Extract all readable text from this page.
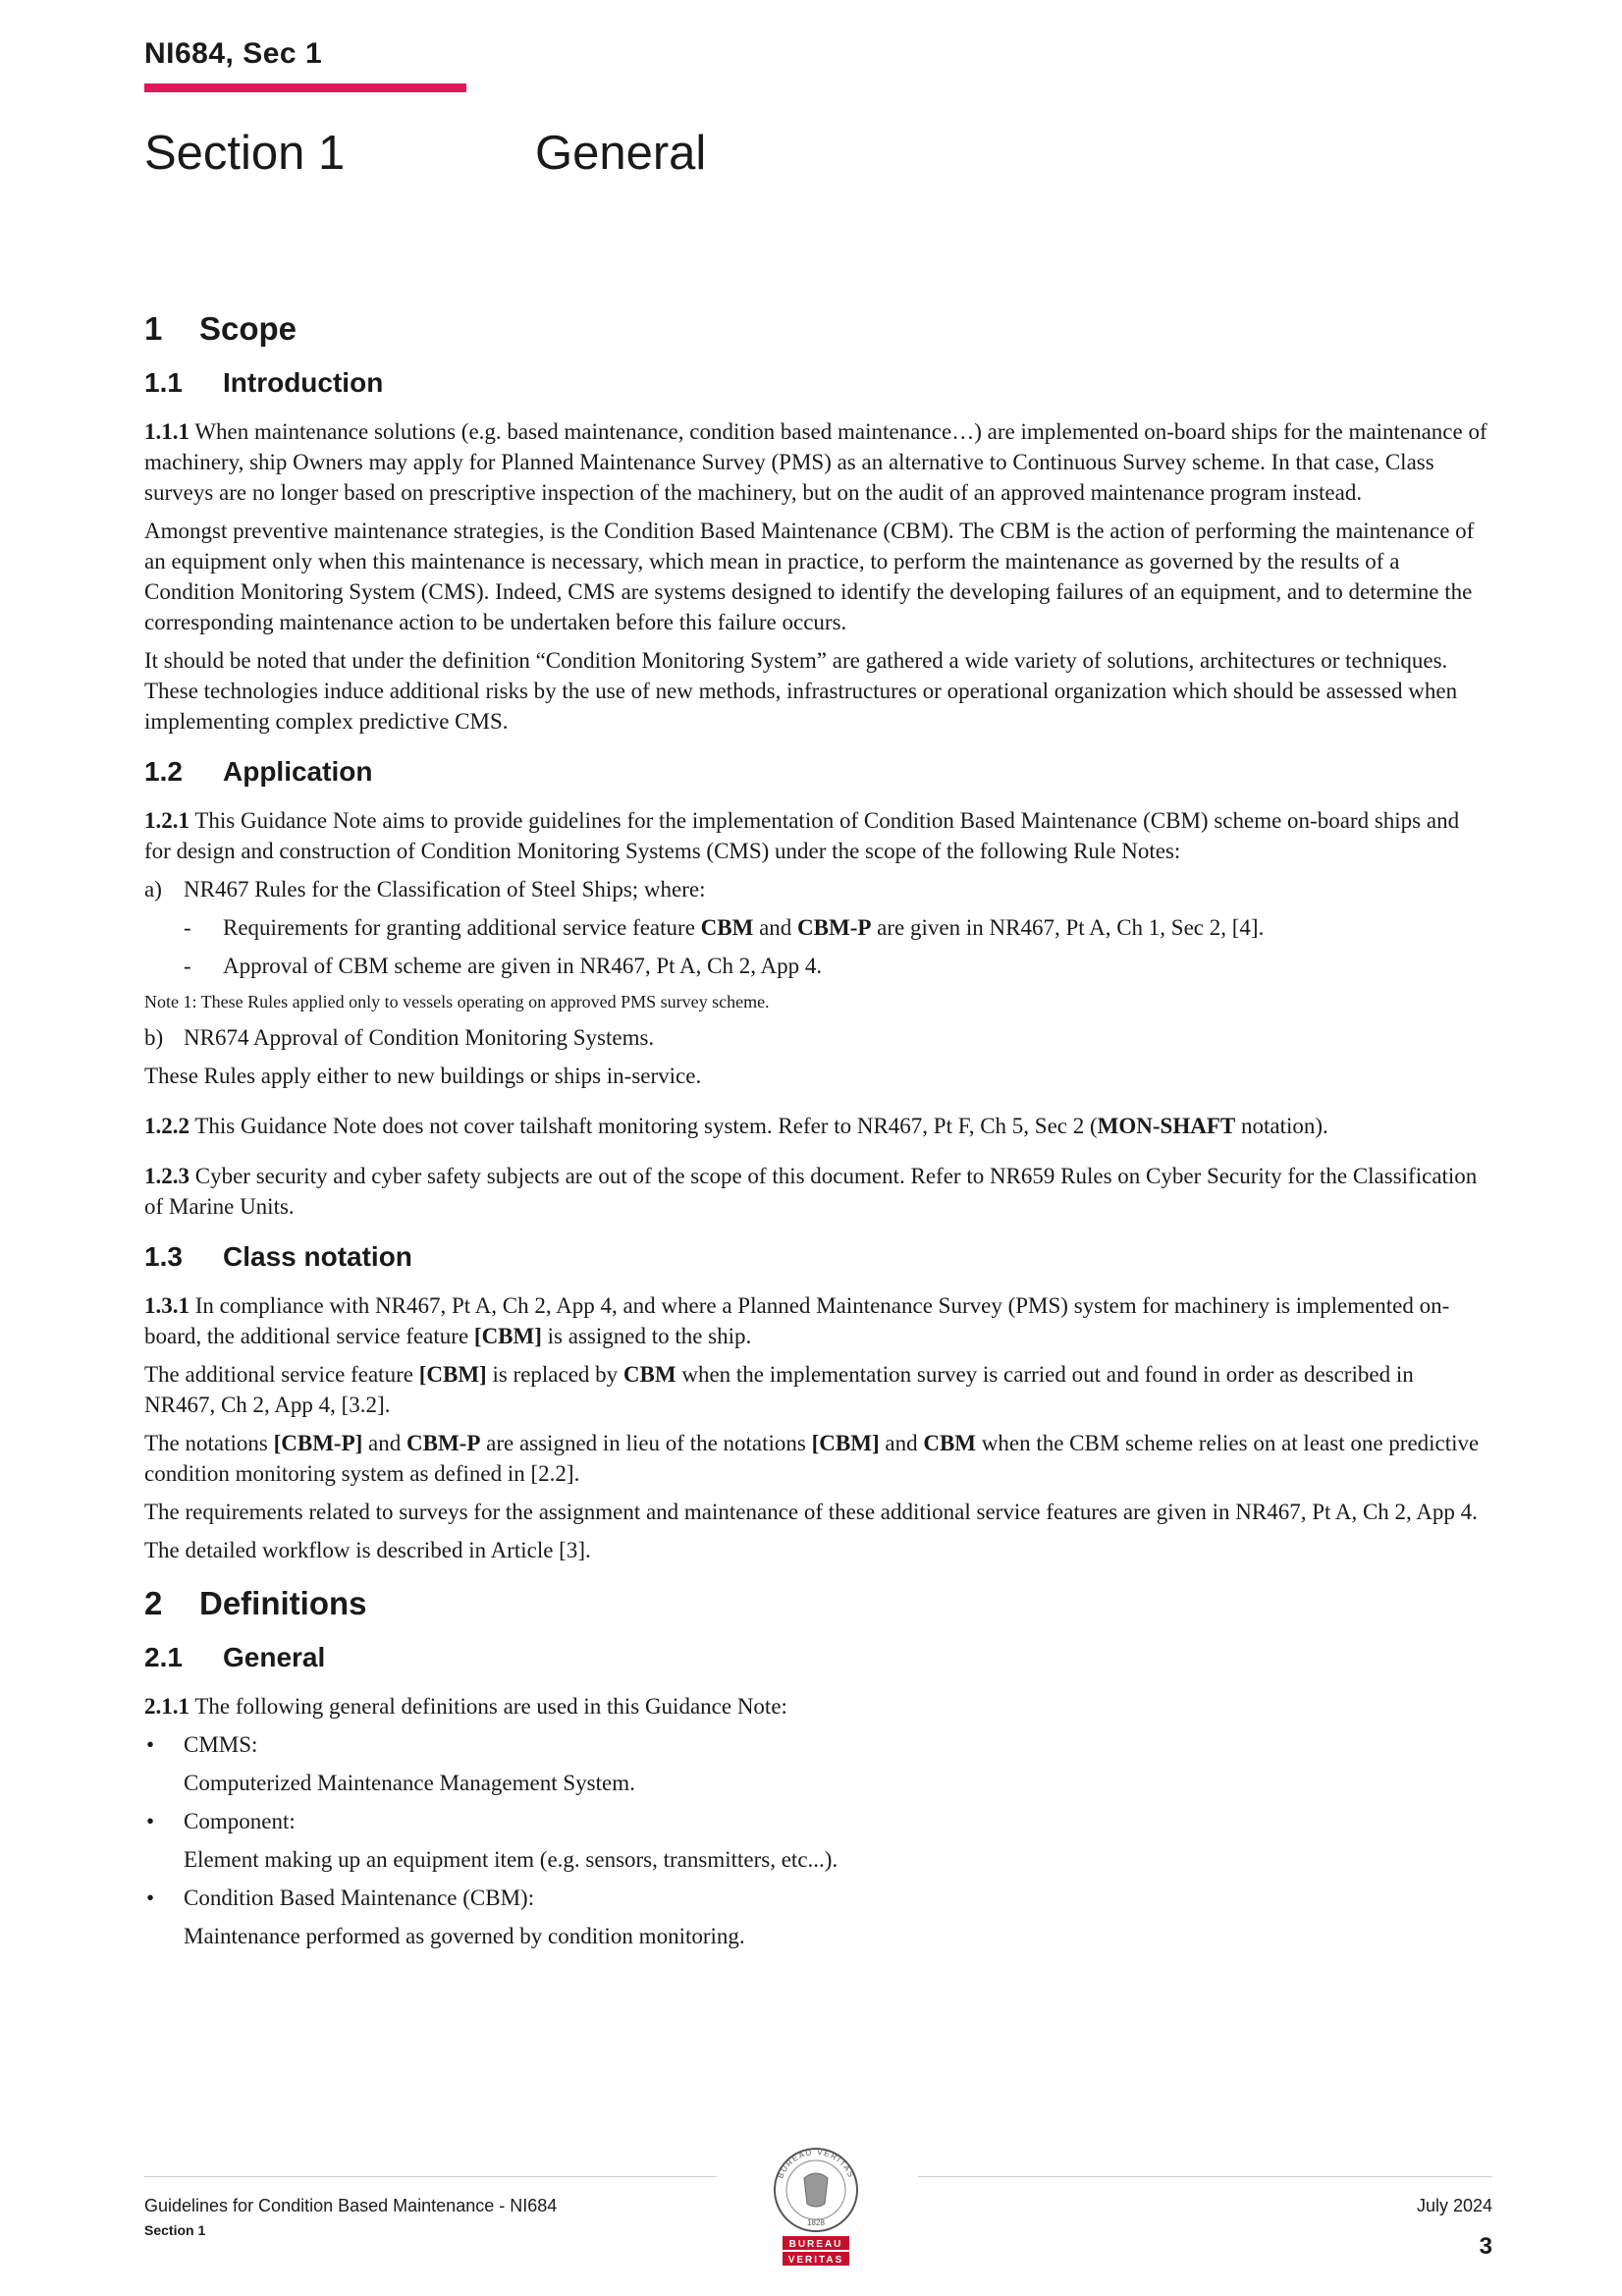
NI684, Sec 1
Section 1	General
1 Scope
1.1 Introduction
1.1.1 When maintenance solutions (e.g. based maintenance, condition based maintenance…) are implemented on-board ships for the maintenance of machinery, ship Owners may apply for Planned Maintenance Survey (PMS) as an alternative to Continuous Survey scheme. In that case, Class surveys are no longer based on prescriptive inspection of the machinery, but on the audit of an approved maintenance program instead.
Amongst preventive maintenance strategies, is the Condition Based Maintenance (CBM). The CBM is the action of performing the maintenance of an equipment only when this maintenance is necessary, which mean in practice, to perform the maintenance as governed by the results of a Condition Monitoring System (CMS). Indeed, CMS are systems designed to identify the developing failures of an equipment, and to determine the corresponding maintenance action to be undertaken before this failure occurs.
It should be noted that under the definition “Condition Monitoring System” are gathered a wide variety of solutions, architectures or techniques. These technologies induce additional risks by the use of new methods, infrastructures or operational organization which should be assessed when implementing complex predictive CMS.
1.2 Application
1.2.1 This Guidance Note aims to provide guidelines for the implementation of Condition Based Maintenance (CBM) scheme on-board ships and for design and construction of Condition Monitoring Systems (CMS) under the scope of the following Rule Notes:
a) NR467 Rules for the Classification of Steel Ships; where:
- Requirements for granting additional service feature CBM and CBM-P are given in NR467, Pt A, Ch 1, Sec 2, [4].
- Approval of CBM scheme are given in NR467, Pt A, Ch 2, App 4.
Note 1: These Rules applied only to vessels operating on approved PMS survey scheme.
b) NR674 Approval of Condition Monitoring Systems.
These Rules apply either to new buildings or ships in-service.
1.2.2 This Guidance Note does not cover tailshaft monitoring system. Refer to NR467, Pt F, Ch 5, Sec 2 (MON-SHAFT notation).
1.2.3 Cyber security and cyber safety subjects are out of the scope of this document. Refer to NR659 Rules on Cyber Security for the Classification of Marine Units.
1.3 Class notation
1.3.1 In compliance with NR467, Pt A, Ch 2, App 4, and where a Planned Maintenance Survey (PMS) system for machinery is implemented on-board, the additional service feature [CBM] is assigned to the ship.
The additional service feature [CBM] is replaced by CBM when the implementation survey is carried out and found in order as described in NR467, Ch 2, App 4, [3.2].
The notations [CBM-P] and CBM-P are assigned in lieu of the notations [CBM] and CBM when the CBM scheme relies on at least one predictive condition monitoring system as defined in [2.2].
The requirements related to surveys for the assignment and maintenance of these additional service features are given in NR467, Pt A, Ch 2, App 4.
The detailed workflow is described in Article [3].
2 Definitions
2.1 General
2.1.1 The following general definitions are used in this Guidance Note:
• CMMS:
Computerized Maintenance Management System.
• Component:
Element making up an equipment item (e.g. sensors, transmitters, etc...).
• Condition Based Maintenance (CBM):
Maintenance performed as governed by condition monitoring.
Guidelines for Condition Based Maintenance - NI684
Section 1
July 2024
3
BUREAU VERITAS
1828
BUREAU
VERITAS
